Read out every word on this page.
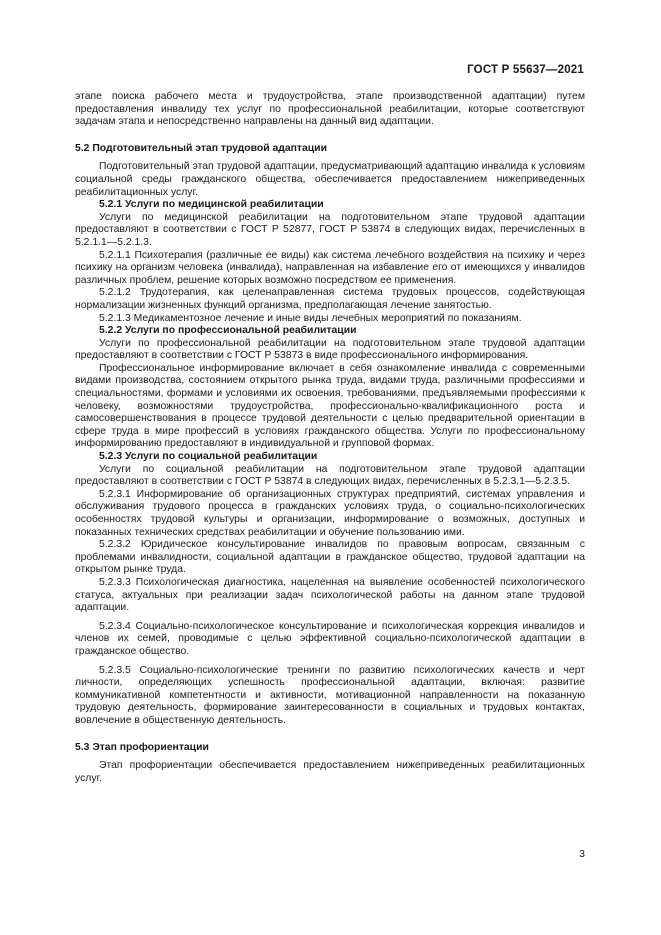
ГОСТ Р 55637—2021

этапе поиска рабочего места и трудоустройства, этапе производственной адаптации) путем предоставления инвалиду тех услуг по профессиональной реабилитации, которые соответствуют задачам этапа и непосредственно направлены на данный вид адаптации.

5.2 Подготовительный этап трудовой адаптации

Подготовительный этап трудовой адаптации, предусматривающий адаптацию инвалида к условиям социальной среды гражданского общества, обеспечивается предоставлением нижеприведенных реабилитационных услуг.

5.2.1 Услуги по медицинской реабилитации

Услуги по медицинской реабилитации на подготовительном этапе трудовой адаптации предоставляют в соответствии с ГОСТ Р 52877, ГОСТ Р 53874 в следующих видах, перечисленных в 5.2.1.1—5.2.1.3.

5.2.1.1 Психотерапия (различные ее виды) как система лечебного воздействия на психику и через психику на организм человека (инвалида), направленная на избавление его от имеющихся у инвалидов различных проблем, решение которых возможно посредством ее применения.

5.2.1.2 Трудотерапия, как целенаправленная система трудовых процессов, содействующая нормализации жизненных функций организма, предполагающая лечение занятостью.

5.2.1.3 Медикаментозное лечение и иные виды лечебных мероприятий по показаниям.

5.2.2 Услуги по профессиональной реабилитации

Услуги по профессиональной реабилитации на подготовительном этапе трудовой адаптации предоставляют в соответствии с ГОСТ Р 53873 в виде профессионального информирования.

Профессиональное информирование включает в себя ознакомление инвалида с современными видами производства, состоянием открытого рынка труда, видами труда, различными профессиями и специальностями, формами и условиями их освоения, требованиями, предъявляемыми профессиями к человеку, возможностями трудоустройства, профессионально-квалификационного роста и самосовершенствования в процессе трудовой деятельности с целью предварительной ориентации в сфере труда в мире профессий в условиях гражданского общества. Услуги по профессиональному информированию предоставляют в индивидуальной и групповой формах.

5.2.3 Услуги по социальной реабилитации

Услуги по социальной реабилитации на подготовительном этапе трудовой адаптации предоставляют в соответствии с ГОСТ Р 53874 в следующих видах, перечисленных в 5.2.3.1—5.2.3.5.

5.2.3.1 Информирование об организационных структурах предприятий, системах управления и обслуживания трудового процесса в гражданских условиях труда, о социально-психологических особенностях трудовой культуры и организации, информирование о возможных, доступных и показанных технических средствах реабилитации и обучение пользованию ими.

5.2.3.2 Юридическое консультирование инвалидов по правовым вопросам, связанным с проблемами инвалидности, социальной адаптации в гражданское общество, трудовой адаптации на открытом рынке труда.

5.2.3.3 Психологическая диагностика, нацеленная на выявление особенностей психологического статуса, актуальных при реализации задач психологической работы на данном этапе трудовой адаптации.

5.2.3.4 Социально-психологическое консультирование и психологическая коррекция инвалидов и членов их семей, проводимые с целью эффективной социально-психологической адаптации в гражданское общество.

5.2.3.5 Социально-психологические тренинги по развитию психологических качеств и черт личности, определяющих успешность профессиональной адаптации, включая: развитие коммуникативной компетентности и активности, мотивационной направленности на показанную трудовую деятельность, формирование заинтересованности в социальных и трудовых контактах, вовлечение в общественную деятельность.

5.3 Этап профориентации

Этап профориентации обеспечивается предоставлением нижеприведенных реабилитационных услуг.

3
